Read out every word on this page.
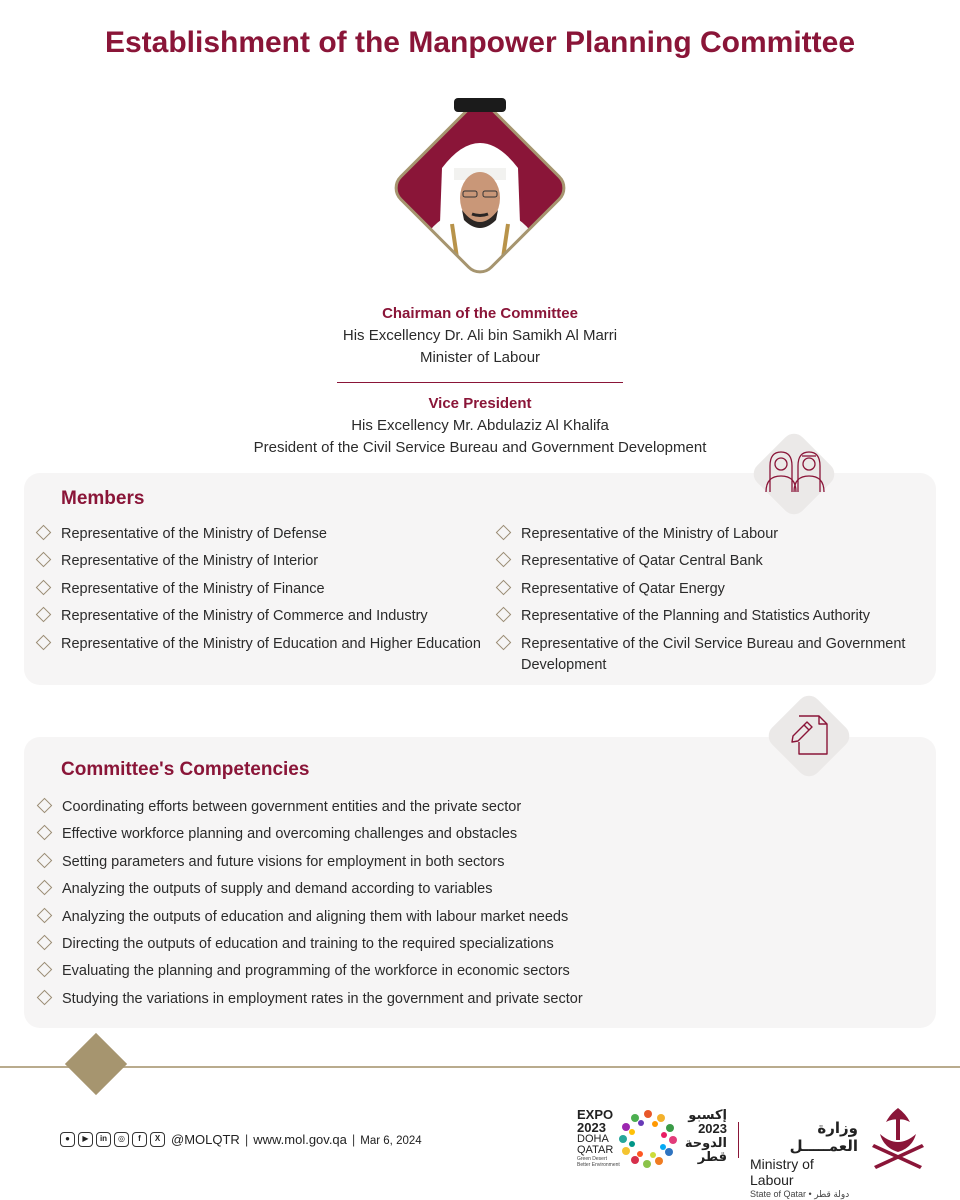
Establishment of the Manpower Planning Committee
Chairman of the Committee
His Excellency Dr. Ali bin Samikh Al Marri
Minister of Labour
Vice President
His Excellency Mr. Abdulaziz Al Khalifa
President of the Civil Service Bureau and Government Development
Members
Representative of the Ministry of Defense
Representative of the Ministry of Interior
Representative of the Ministry of Finance
Representative of the Ministry of Commerce and Industry
Representative of the Ministry of Education and Higher Education
Representative of the Ministry of Labour
Representative of Qatar Central Bank
Representative of Qatar Energy
Representative of the Planning and Statistics Authority
Representative of the Civil Service Bureau and Government Development
Committee's Competencies
Coordinating efforts between government entities and the private sector
Effective workforce planning and overcoming challenges and obstacles
Setting parameters and future visions for employment in both sectors
Analyzing the outputs of supply and demand according to variables
Analyzing the outputs of education and aligning them with labour market needs
Directing the outputs of education and training to the required specializations
Evaluating the planning and programming of the workforce in economic sectors
Studying the variations in employment rates in the government and private sector
●	▶	in	◎	f	X @MOLQTR | www.mol.gov.qa | Mar 6, 2024
EXPO
2023
DOHA
QATAR
Green Desert
Better Environment
إكسبو
2023
الدوحة
قطر
وزارة العمـــــل
Ministry of Labour
State of Qatar • دولة قطر
